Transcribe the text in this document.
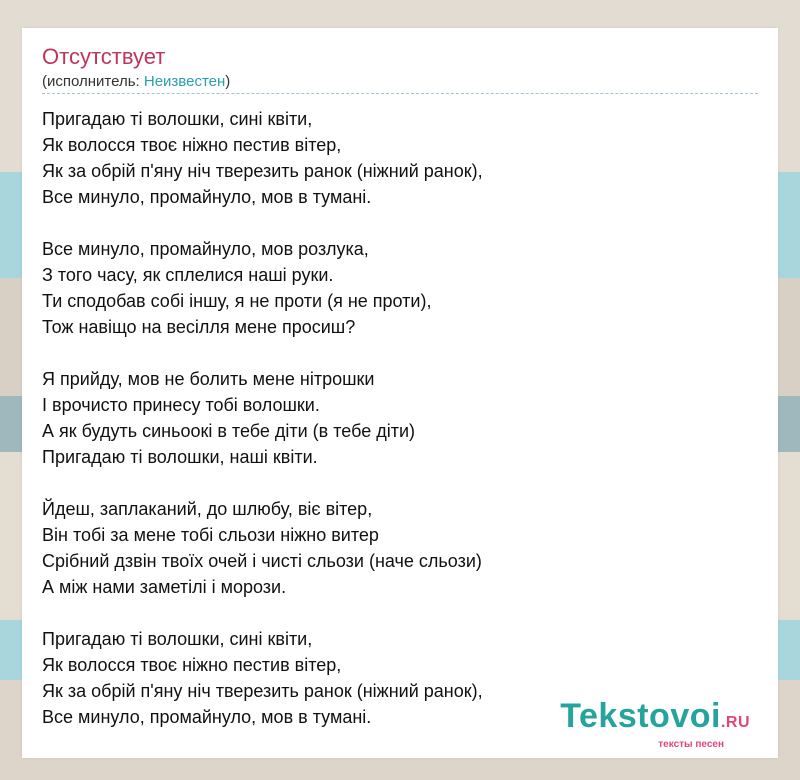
Отсутствует
(исполнитель: Неизвестен)
Пригадаю ті волошки, сині квіти,
Як волосся твоє ніжно пестив вітер,
Як за обрій п'яну ніч тверезить ранок (ніжний ранок),
Все минуло, промайнуло, мов в тумані.
Все минуло, промайнуло, мов розлука,
З того часу, як сплелися наші руки.
Ти сподобав собі іншу, я не проти (я не проти),
Тож навіщо на весілля мене просиш?
Я прийду, мов не болить мене нітрошки
І врочисто принесу тобі волошки.
А як будуть синьоокі в тебе діти (в тебе діти)
Пригадаю ті волошки, наші квіти.
Йдеш, заплаканий, до шлюбу, віє вітер,
Він тобі за мене тобі сльози ніжно витер
Срібний дзвін твоїх очей і чисті сльози (наче сльози)
А між нами заметілі і морози.
Пригадаю ті волошки, сині квіти,
Як волосся твоє ніжно пестив вітер,
Як за обрій п'яну ніч тверезить ранок (ніжний ранок),
Все минуло, промайнуло, мов в тумані.	Tekstovoi.RU
тексты песен
